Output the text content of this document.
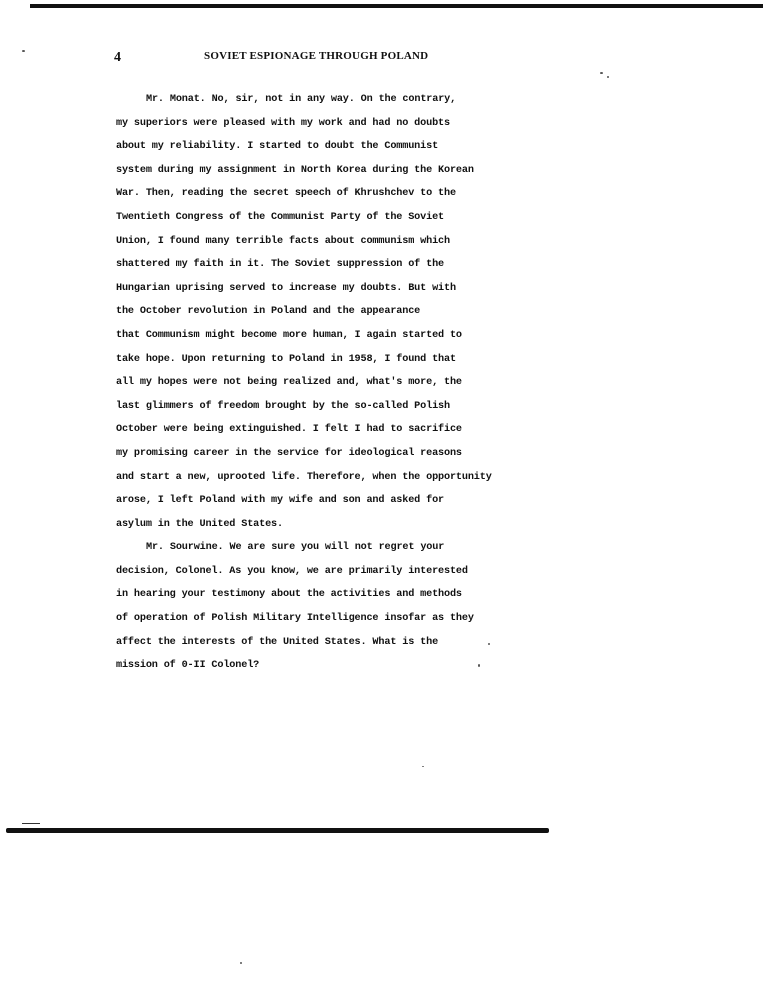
4	SOVIET ESPIONAGE THROUGH POLAND
Mr. Monat. No, sir, not in any way. On the contrary,
my superiors were pleased with my work and had no doubts
about my reliability. I started to doubt the Communist
system during my assignment in North Korea during the Korean
War. Then, reading the secret speech of Khrushchev to the
Twentieth Congress of the Communist Party of the Soviet
Union, I found many terrible facts about communism which
shattered my faith in it. The Soviet suppression of the
Hungarian uprising served to increase my doubts. But with
the October revolution in Poland and the appearance
that Communism might become more human, I again started to
take hope. Upon returning to Poland in 1958, I found that
all my hopes were not being realized and, what's more, the
last glimmers of freedom brought by the so-called Polish
October were being extinguished. I felt I had to sacrifice
my promising career in the service for ideological reasons
and start a new, uprooted life. Therefore, when the opportunity
arose, I left Poland with my wife and son and asked for
asylum in the United States.
Mr. Sourwine. We are sure you will not regret your
decision, Colonel. As you know, we are primarily interested
in hearing your testimony about the activities and methods
of operation of Polish Military Intelligence insofar as they
affect the interests of the United States. What is the
mission of 0-II Colonel?
